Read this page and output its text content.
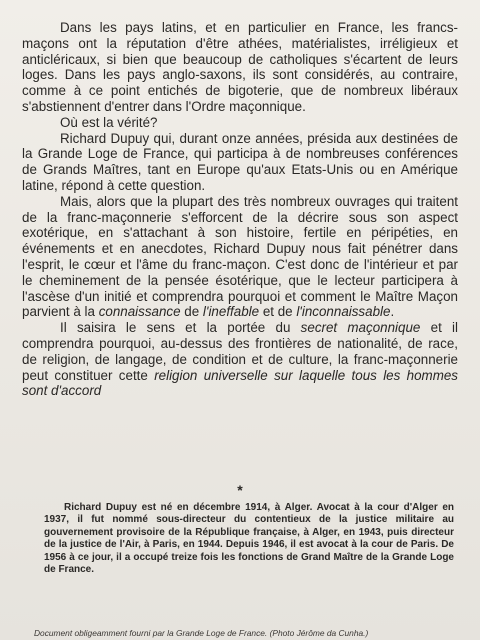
Dans les pays latins, et en particulier en France, les francs-maçons ont la réputation d'être athées, matérialistes, irréligieux et anticléricaux, si bien que beaucoup de catholiques s'écartent de leurs loges. Dans les pays anglo-saxons, ils sont considérés, au contraire, comme à ce point entichés de bigoterie, que de nombreux libéraux s'abstiennent d'entrer dans l'Ordre maçonnique.

Où est la vérité?

Richard Dupuy qui, durant onze années, présida aux destinées de la Grande Loge de France, qui participa à de nombreuses conférences de Grands Maîtres, tant en Europe qu'aux Etats-Unis ou en Amérique latine, répond à cette question.

Mais, alors que la plupart des très nombreux ouvrages qui traitent de la franc-maçonnerie s'efforcent de la décrire sous son aspect exotérique, en s'attachant à son histoire, fertile en péripéties, en événements et en anecdotes, Richard Dupuy nous fait pénétrer dans l'esprit, le cœur et l'âme du franc-maçon. C'est donc de l'intérieur et par le cheminement de la pensée ésotérique, que le lecteur participera à l'ascèse d'un initié et comprendra pourquoi et comment le Maître Maçon parvient à la connaissance de l'ineffable et de l'inconnaissable.

Il saisira le sens et la portée du secret maçonnique et il comprendra pourquoi, au-dessus des frontières de nationalité, de race, de religion, de langage, de condition et de culture, la franc-maçonnerie peut constituer cette religion universelle sur laquelle tous les hommes sont d'accord

*

Richard Dupuy est né en décembre 1914, à Alger. Avocat à la cour d'Alger en 1937, il fut nommé sous-directeur du contentieux de la justice militaire au gouvernement provisoire de la République française, à Alger, en 1943, puis directeur de la justice de l'Air, à Paris, en 1944. Depuis 1946, il est avocat à la cour de Paris. De 1956 à ce jour, il a occupé treize fois les fonctions de Grand Maître de la Grande Loge de France.

Document obligeamment fourni par la Grande Loge de France. (Photo Jérôme da Cunha.)
